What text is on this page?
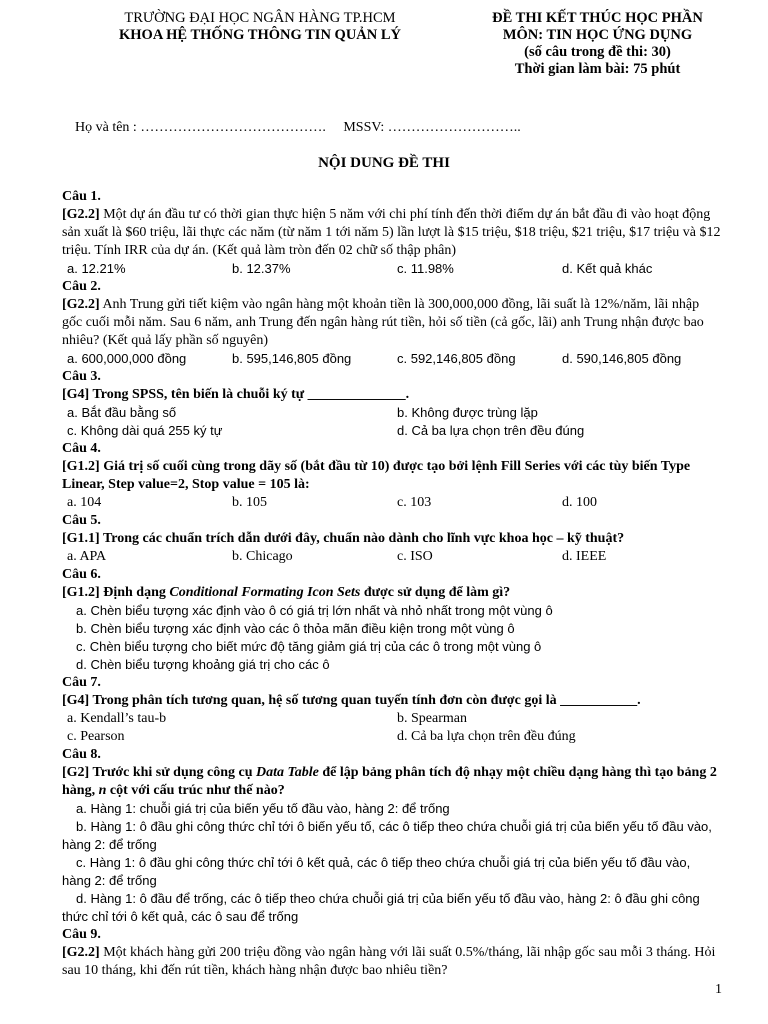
TRƯỜNG ĐẠI HỌC NGÂN HÀNG TP.HCM
KHOA HỆ THỐNG THÔNG TIN QUẢN LÝ
ĐỀ THI KẾT THÚC HỌC PHẦN
MÔN: TIN HỌC ỨNG DỤNG
(số câu trong đề thi: 30)
Thời gian làm bài: 75 phút
Họ và tên : …………………………………. MSSV: ………………………..
NỘI DUNG ĐỀ THI
Câu 1.
[G2.2] Một dự án đầu tư có thời gian thực hiện 5 năm với chi phí tính đến thời điểm dự án bắt đầu đi vào hoạt động sản xuất là $60 triệu, lãi thực các năm (từ năm 1 tới năm 5) lần lượt là $15 triệu, $18 triệu, $21 triệu, $17 triệu và $12 triệu. Tính IRR của dự án. (Kết quả làm tròn đến 02 chữ số thập phân)
a. 12.21%	b. 12.37%	c. 11.98%	d. Kết quả khác
Câu 2.
[G2.2] Anh Trung gửi tiết kiệm vào ngân hàng một khoản tiền là 300,000,000 đồng, lãi suất là 12%/năm, lãi nhập gốc cuối mỗi năm. Sau 6 năm, anh Trung đến ngân hàng rút tiền, hỏi số tiền (cả gốc, lãi) anh Trung nhận được bao nhiêu? (Kết quả lấy phần số nguyên)
a. 600,000,000 đồng	b. 595,146,805 đồng	c. 592,146,805 đồng	d. 590,146,805 đồng
Câu 3.
[G4] Trong SPSS, tên biến là chuỗi ký tự ______________.
a. Bắt đầu bằng số	b. Không được trùng lặp
c. Không dài quá 255 ký tự	d. Cả ba lựa chọn trên đều đúng
Câu 4.
[G1.2] Giá trị số cuối cùng trong dãy số (bắt đầu từ 10) được tạo bởi lệnh Fill Series với các tùy biến Type Linear, Step value=2, Stop value = 105 là:
a. 104	b. 105	c. 103	d. 100
Câu 5.
[G1.1] Trong các chuẩn trích dẫn dưới đây, chuẩn nào dành cho lĩnh vực khoa học – kỹ thuật?
a. APA	b. Chicago	c. ISO	d. IEEE
Câu 6.
[G1.2] Định dạng Conditional Formating Icon Sets được sử dụng để làm gì?
a. Chèn biểu tượng xác định vào ô có giá trị lớn nhất và nhỏ nhất trong một vùng ô
b. Chèn biểu tượng xác định vào các ô thỏa mãn điều kiện trong một vùng ô
c. Chèn biểu tượng cho biết mức độ tăng giảm giá trị của các ô trong một vùng ô
d. Chèn biểu tượng khoảng giá trị cho các ô
Câu 7.
[G4] Trong phân tích tương quan, hệ số tương quan tuyến tính đơn còn được gọi là ___________.
a. Kendall’s tau-b	b. Spearman
c. Pearson	d. Cả ba lựa chọn trên đều đúng
Câu 8.
[G2] Trước khi sử dụng công cụ Data Table để lập bảng phân tích độ nhạy một chiều dạng hàng thì tạo bảng 2 hàng, n cột với cấu trúc như thế nào?
a. Hàng 1: chuỗi giá trị của biến yếu tố đầu vào, hàng 2: để trống
b. Hàng 1: ô đầu ghi công thức chỉ tới ô biến yếu tố, các ô tiếp theo chứa chuỗi giá trị của biến yếu tố đầu vào, hàng 2: để trống
c. Hàng 1: ô đầu ghi công thức chỉ tới ô kết quả, các ô tiếp theo chứa chuỗi giá trị của biến yếu tố đầu vào, hàng 2: để trống
d. Hàng 1: ô đầu để trống, các ô tiếp theo chứa chuỗi giá trị của biến yếu tố đầu vào, hàng 2: ô đầu ghi công thức chỉ tới ô kết quả, các ô sau để trống
Câu 9.
[G2.2] Một khách hàng gửi 200 triệu đồng vào ngân hàng với lãi suất 0.5%/tháng, lãi nhập gốc sau mỗi 3 tháng. Hỏi sau 10 tháng, khi đến rút tiền, khách hàng nhận được bao nhiêu tiền?
1
